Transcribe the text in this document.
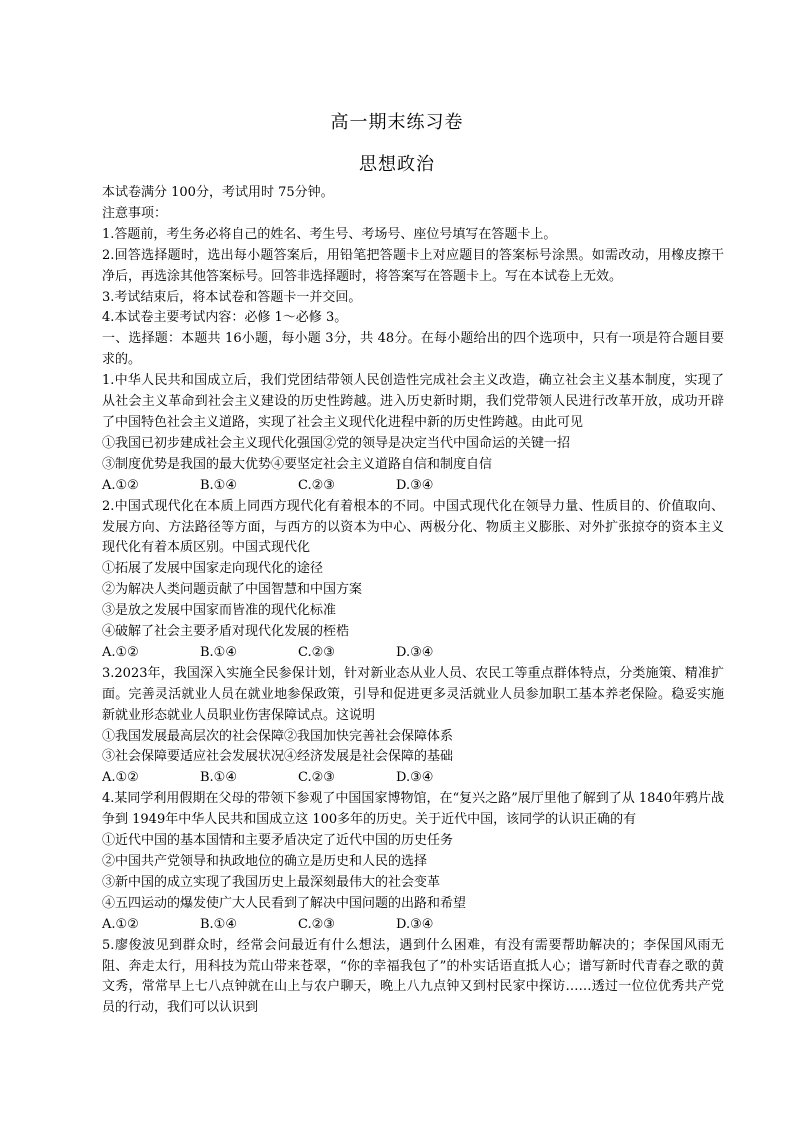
高一期末练习卷
思想政治

本试卷满分 100分，考试用时 75分钟。

注意事项：

1.答题前，考生务必将自己的姓名、考生号、考场号、座位号填写在答题卡上。

2.回答选择题时，选出每小题答案后，用铅笔把答题卡上对应题目的答案标号涂黑。如需改动，用橡皮擦干净后，再选涂其他答案标号。回答非选择题时，将答案写在答题卡上。写在本试卷上无效。

3.考试结束后，将本试卷和答题卡一并交回。

4.本试卷主要考试内容：必修 1～必修 3。

一、选择题：本题共 16小题，每小题 3分，共 48分。在每小题给出的四个选项中，只有一项是符合题目要求的。

1.中华人民共和国成立后，我们党团结带领人民创造性完成社会主义改造，确立社会主义基本制度，实现了从社会主义革命到社会主义建设的历史性跨越。进入历史新时期，我们党带领人民进行改革开放，成功开辟了中国特色社会主义道路，实现了社会主义现代化进程中新的历史性跨越。由此可见

①我国已初步建成社会主义现代化强国②党的领导是决定当代中国命运的关键一招

③制度优势是我国的最大优势④要坚定社会主义道路自信和制度自信

A.①②	B.①④	C.②③	D.③④

2.中国式现代化在本质上同西方现代化有着根本的不同。中国式现代化在领导力量、性质目的、价值取向、发展方向、方法路径等方面，与西方的以资本为中心、两极分化、物质主义膨胀、对外扩张掠夺的资本主义现代化有着本质区别。中国式现代化

①拓展了发展中国家走向现代化的途径

②为解决人类问题贡献了中国智慧和中国方案

③是放之发展中国家而皆准的现代化标准

④破解了社会主要矛盾对现代化发展的桎梏

A.①②	B.①④	C.②③	D.③④

3.2023年，我国深入实施全民参保计划，针对新业态从业人员、农民工等重点群体特点，分类施策、精准扩面。完善灵活就业人员在就业地参保政策，引导和促进更多灵活就业人员参加职工基本养老保险。稳妥实施新就业形态就业人员职业伤害保障试点。这说明

①我国发展最高层次的社会保障②我国加快完善社会保障体系

③社会保障要适应社会发展状况④经济发展是社会保障的基础

A.①②	B.①④	C.②③	D.③④

4.某同学利用假期在父母的带领下参观了中国国家博物馆，在“复兴之路”展厅里他了解到了从 1840年鸦片战争到 1949年中华人民共和国成立这 100多年的历史。关于近代中国，该同学的认识正确的有

①近代中国的基本国情和主要矛盾决定了近代中国的历史任务

②中国共产党领导和执政地位的确立是历史和人民的选择

③新中国的成立实现了我国历史上最深刻最伟大的社会变革

④五四运动的爆发使广大人民看到了解决中国问题的出路和希望

A.①②	B.①④	C.②③	D.③④

5.廖俊波见到群众时，经常会问最近有什么想法，遇到什么困难，有没有需要帮助解决的；李保国风雨无阻、奔走太行，用科技为荒山带来苍翠，“你的幸福我包了”的朴实话语直抵人心；谱写新时代青春之歌的黄文秀，常常早上七八点钟就在山上与农户聊天，晚上八九点钟又到村民家中探访……透过一位位优秀共产党员的行动，我们可以认识到
